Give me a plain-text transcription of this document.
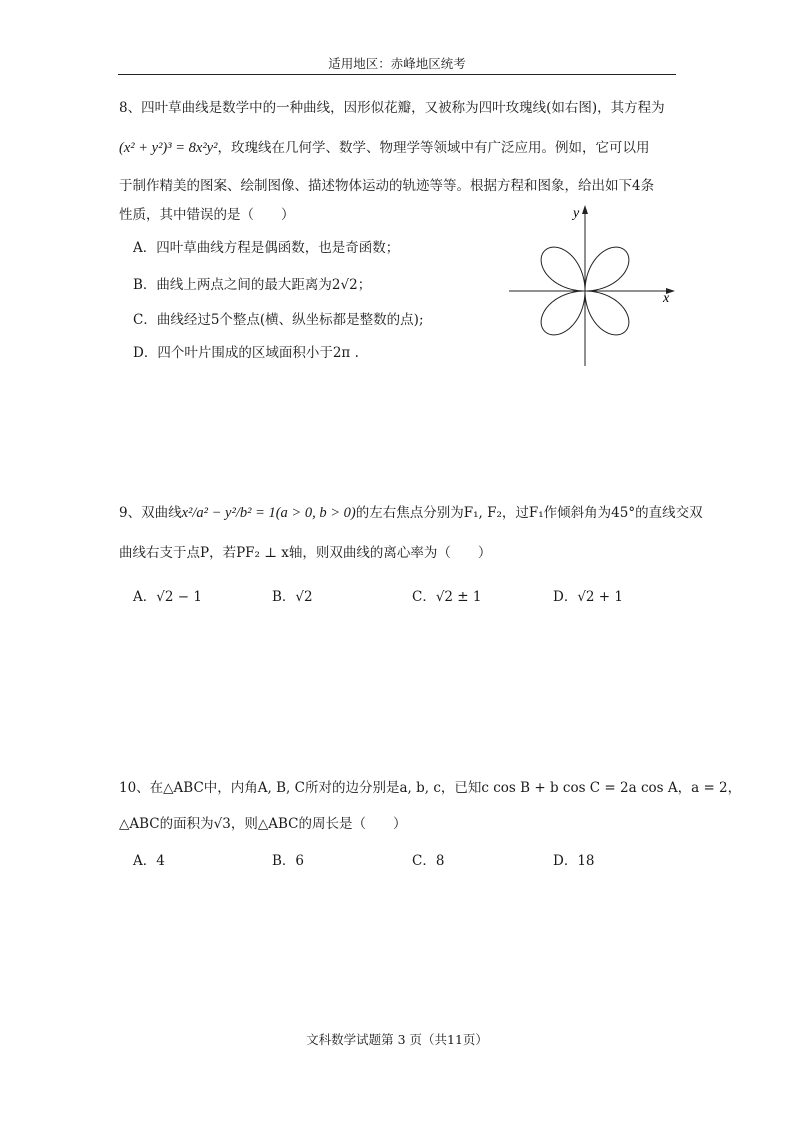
适用地区：赤峰地区统考
8、四叶草曲线是数学中的一种曲线，因形似花瓣，又被称为四叶玫瑰线(如右图)，其方程为
(x² + y²)³ = 8x²y²，玫瑰线在几何学、数学、物理学等领域中有广泛应用。例如，它可以用
于制作精美的图案、绘制图像、描述物体运动的轨迹等等。根据方程和图象，给出如下4条
性质，其中错误的是（　　）
A．四叶草曲线方程是偶函数，也是奇函数；
B．曲线上两点之间的最大距离为2√2；
C．曲线经过5个整点(横、纵坐标都是整数的点);
D．四个叶片围成的区域面积小于2π .
x
y
9、双曲线x²/a² − y²/b² = 1(a > 0, b > 0)的左右焦点分别为F₁, F₂，过F₁作倾斜角为45°的直线交双
曲线右支于点P，若PF₂ ⊥ x轴，则双曲线的离心率为（　　）
A．√2 − 1	B．√2	C．√2 ± 1	D．√2 + 1
10、在△ABC中，内角A, B, C所对的边分别是a, b, c，已知c cos B + b cos C = 2a cos A，a = 2，
△ABC的面积为√3，则△ABC的周长是（　　）
A．4	B．6	C．8	D．18
文科数学试题第 3 页（共11页）
